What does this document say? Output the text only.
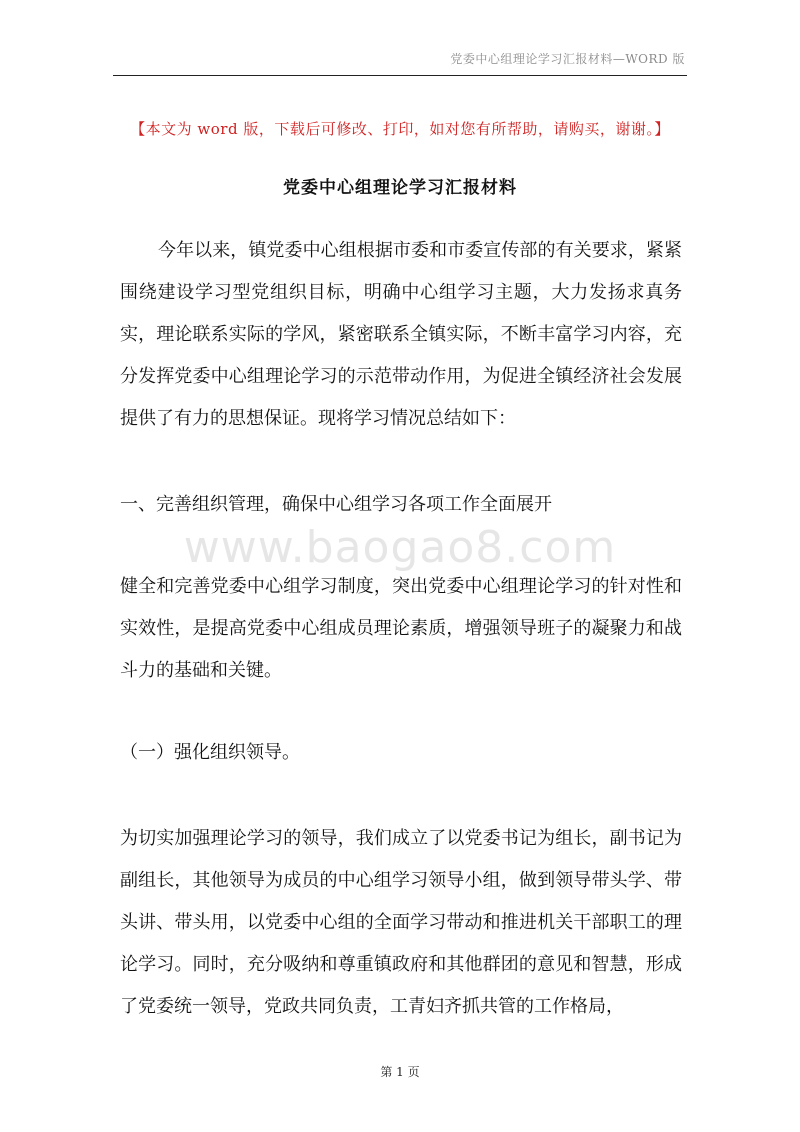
党委中心组理论学习汇报材料—WORD 版
【本文为 word 版，下载后可修改、打印，如对您有所帮助，请购买，谢谢。】
党委中心组理论学习汇报材料

今年以来，镇党委中心组根据市委和市委宣传部的有关要求，紧紧围绕建设学习型党组织目标，明确中心组学习主题，大力发扬求真务实，理论联系实际的学风，紧密联系全镇实际，不断丰富学习内容，充分发挥党委中心组理论学习的示范带动作用，为促进全镇经济社会发展提供了有力的思想保证。现将学习情况总结如下：

一、完善组织管理，确保中心组学习各项工作全面展开

www.baogao8.com

健全和完善党委中心组学习制度，突出党委中心组理论学习的针对性和实效性，是提高党委中心组成员理论素质，增强领导班子的凝聚力和战斗力的基础和关键。

（一）强化组织领导。

为切实加强理论学习的领导，我们成立了以党委书记为组长，副书记为副组长，其他领导为成员的中心组学习领导小组，做到领导带头学、带头讲、带头用，以党委中心组的全面学习带动和推进机关干部职工的理论学习。同时，充分吸纳和尊重镇政府和其他群团的意见和智慧，形成了党委统一领导，党政共同负责，工青妇齐抓共管的工作格局，

第 1 页
